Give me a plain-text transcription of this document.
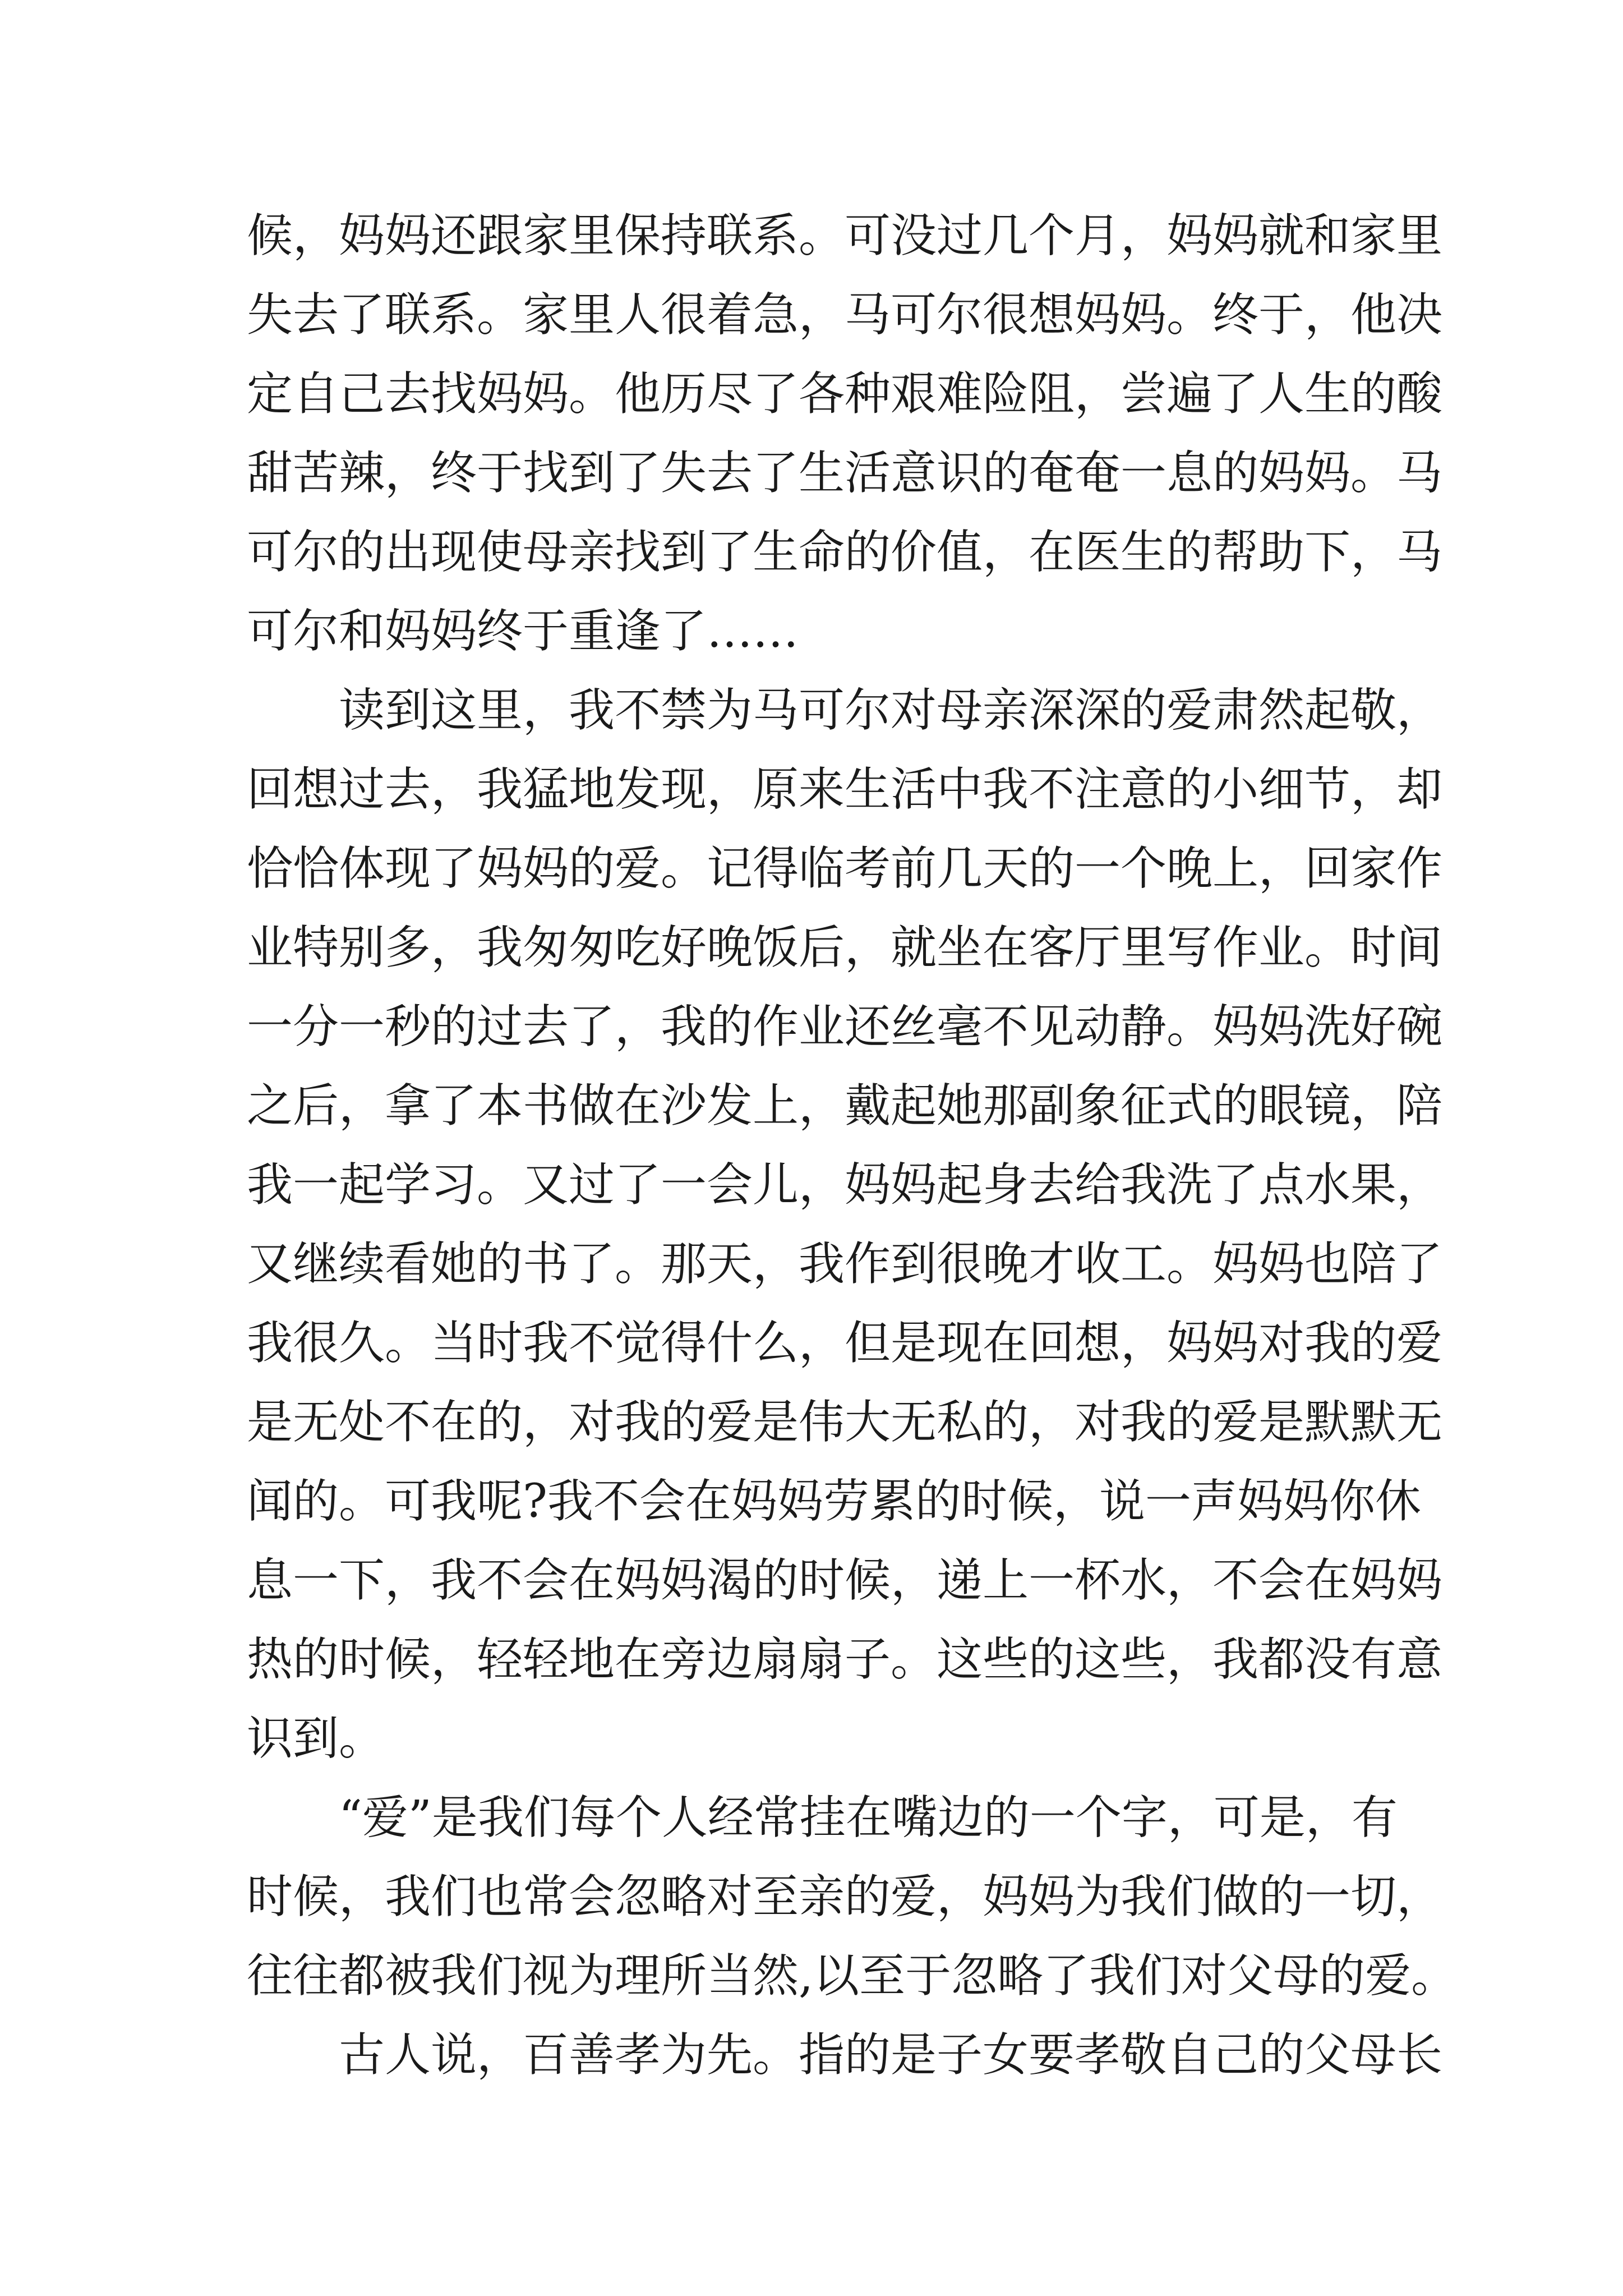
候，妈妈还跟家里保持联系。可没过几个月，妈妈就和家里
失去了联系。家里人很着急，马可尔很想妈妈。终于，他决
定自己去找妈妈。他历尽了各种艰难险阻，尝遍了人生的酸
甜苦辣，终于找到了失去了生活意识的奄奄一息的妈妈。马
可尔的出现使母亲找到了生命的价值，在医生的帮助下，马
可尔和妈妈终于重逢了……
读到这里，我不禁为马可尔对母亲深深的爱肃然起敬，
回想过去，我猛地发现，原来生活中我不注意的小细节，却
恰恰体现了妈妈的爱。记得临考前几天的一个晚上，回家作
业特别多，我匆匆吃好晚饭后，就坐在客厅里写作业。时间
一分一秒的过去了，我的作业还丝毫不见动静。妈妈洗好碗
之后，拿了本书做在沙发上，戴起她那副象征式的眼镜，陪
我一起学习。又过了一会儿，妈妈起身去给我洗了点水果，
又继续看她的书了。那天，我作到很晚才收工。妈妈也陪了
我很久。当时我不觉得什么，但是现在回想，妈妈对我的爱
是无处不在的，对我的爱是伟大无私的，对我的爱是默默无
闻的。可我呢?我不会在妈妈劳累的时候，说一声妈妈你休
息一下，我不会在妈妈渴的时候，递上一杯水，不会在妈妈
热的时候，轻轻地在旁边扇扇子。这些的这些，我都没有意
识到。
“爱”是我们每个人经常挂在嘴边的一个字，可是，有
时候，我们也常会忽略对至亲的爱，妈妈为我们做的一切，
往往都被我们视为理所当然,以至于忽略了我们对父母的爱。
古人说，百善孝为先。指的是子女要孝敬自己的父母长
